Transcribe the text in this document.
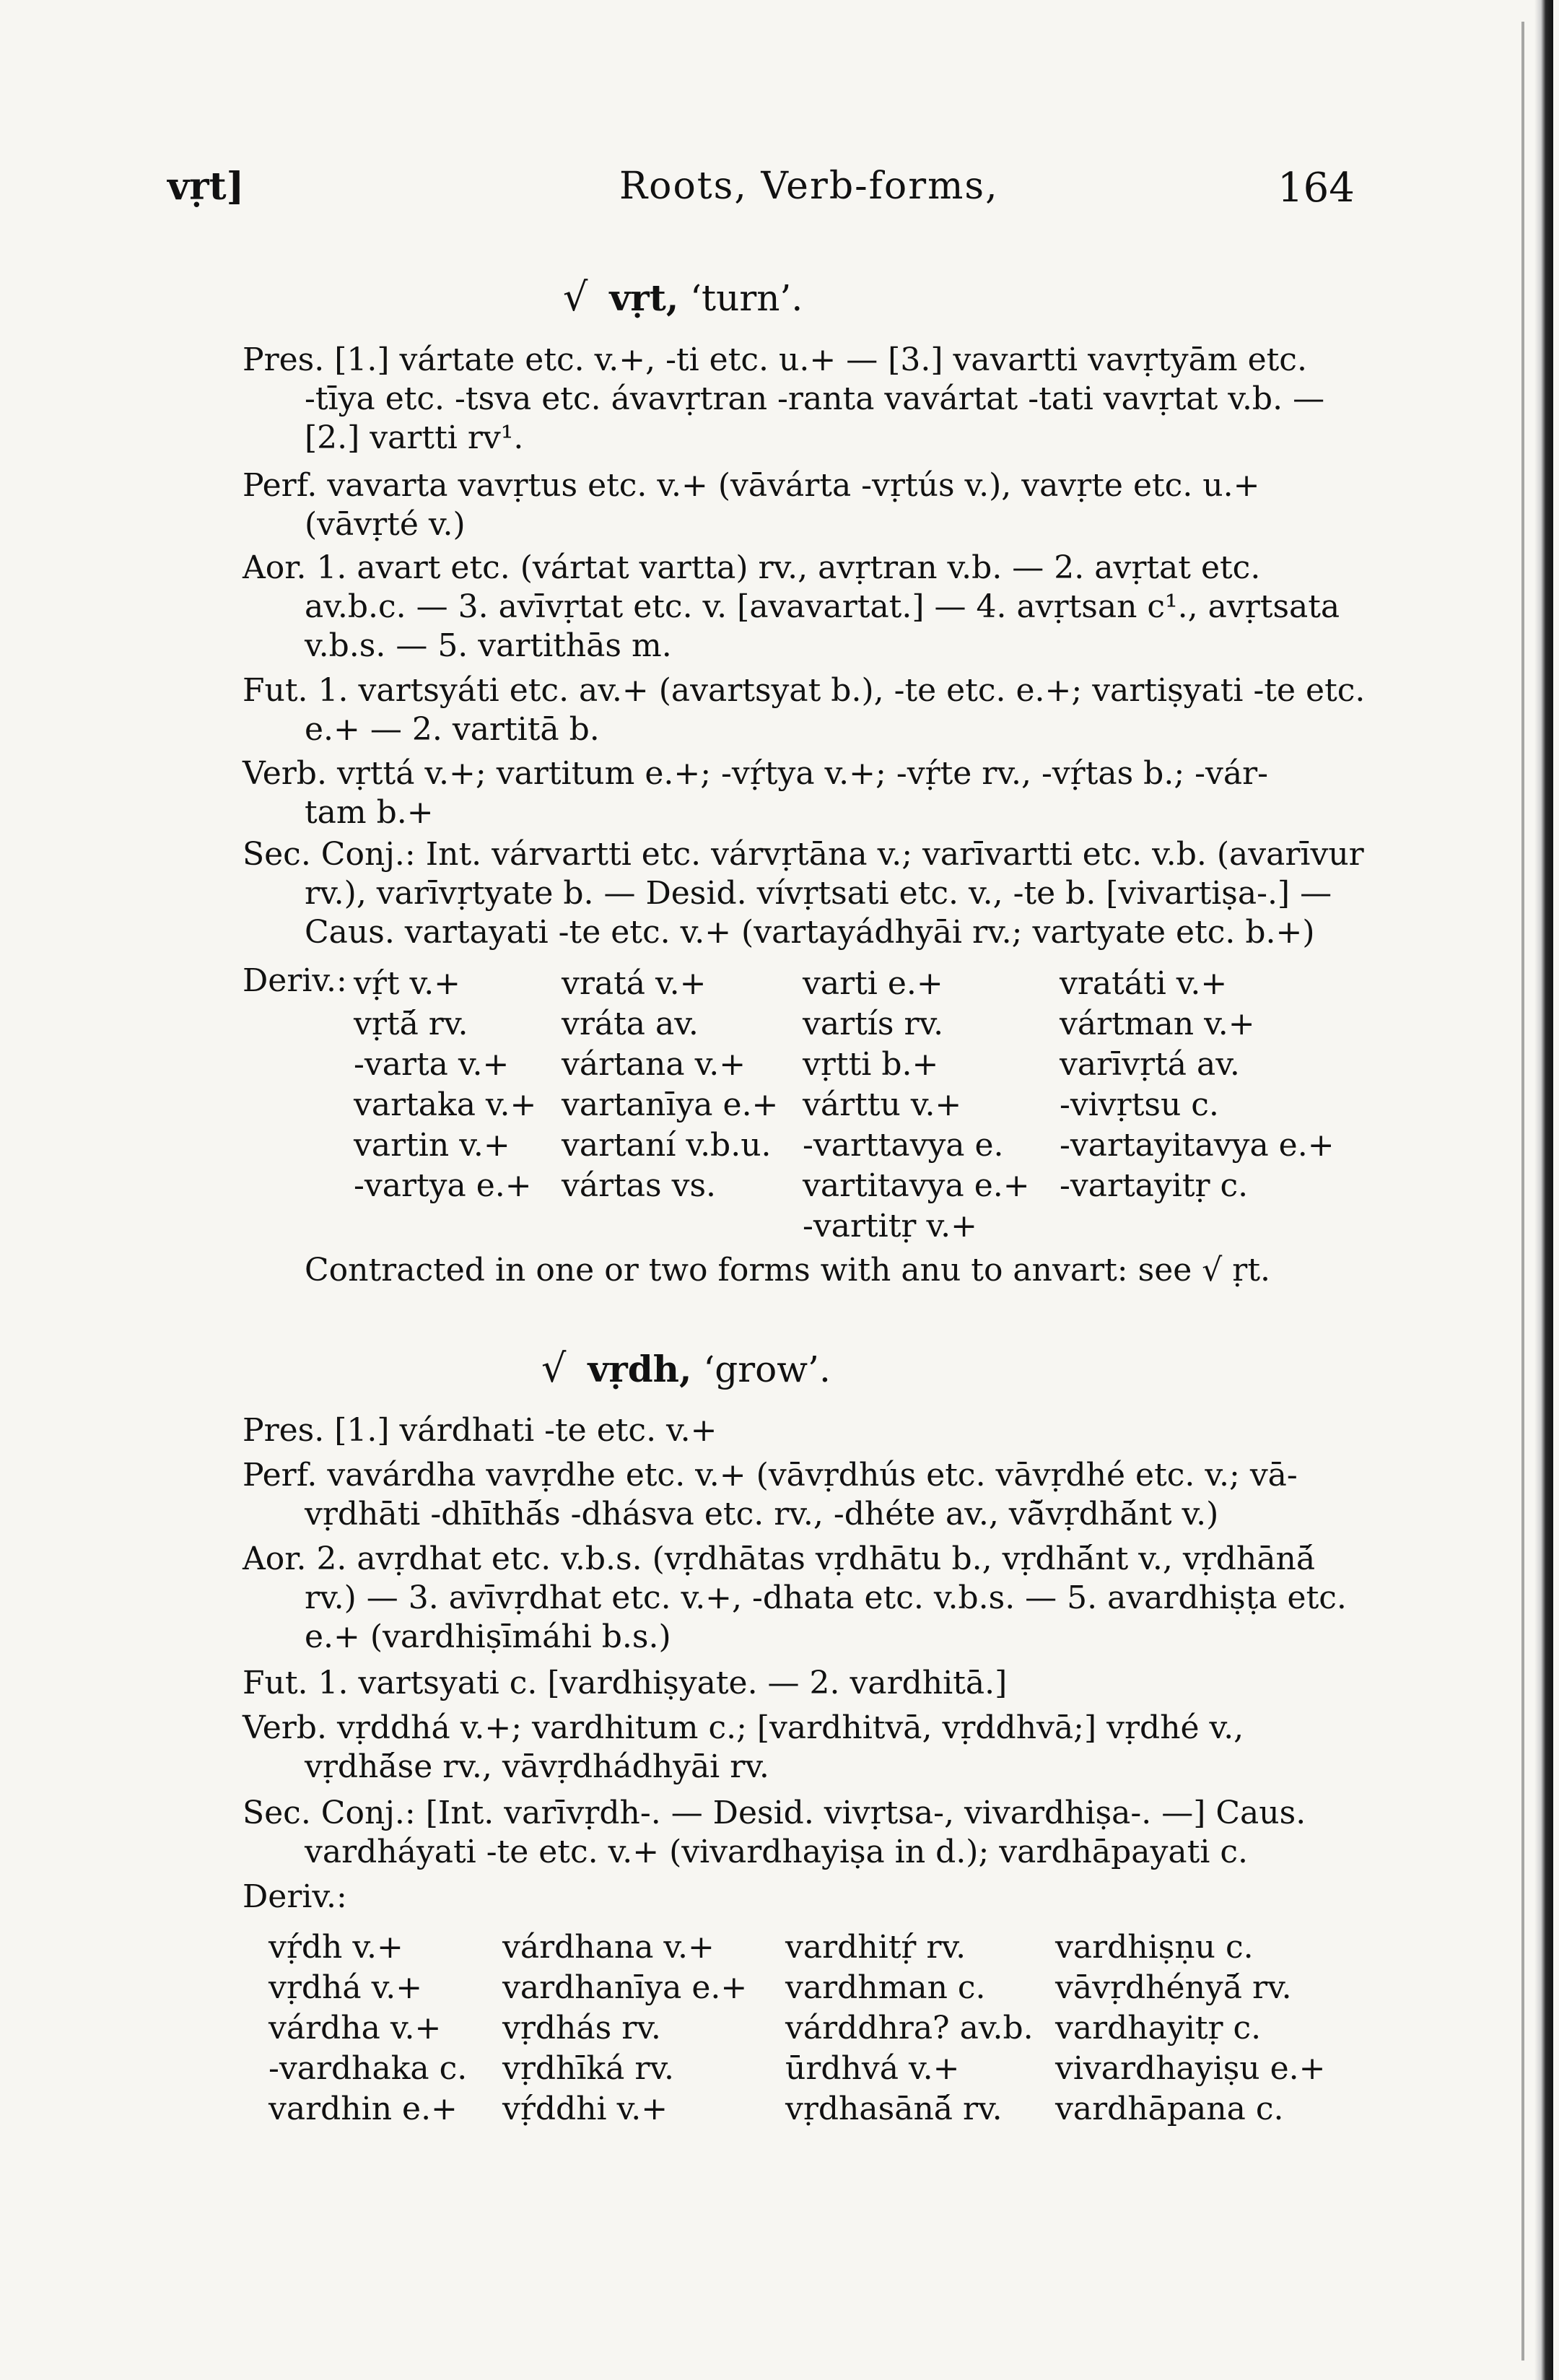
vṛt]	Roots, Verb-forms,	164
√ vṛt, ‘turn’.
Pres. [1.] vártate etc. v.+, -ti etc. u.+ — [3.] vavartti vavṛtyām etc.
-tīya etc. -tsva etc. ávavṛtran -ranta vavártat -tati vavṛtat v.b. —
[2.] vartti rv¹.
Perf. vavarta vavṛtus etc. v.+ (vāvárta -vṛtús v.), vavṛte etc. u.+
(vāvṛté v.)
Aor. 1. avart etc. (vártat vartta) rv., avṛtran v.b. — 2. avṛtat etc.
av.b.c. — 3. avīvṛtat etc. v. [avavartat.] — 4. avṛtsan c¹., avṛtsata
v.b.s. — 5. vartithās m.
Fut. 1. vartsyáti etc. av.+ (avartsyat b.), -te etc. e.+; vartiṣyati -te etc.
e.+ — 2. vartitā b.
Verb. vṛttá v.+; vartitum e.+; -vṛ́tya v.+; -vṛ́te rv., -vṛ́tas b.; -vár-
tam b.+
Sec. Conj.: Int. várvartti etc. várvṛtāna v.; varīvartti etc. v.b. (avarīvur
rv.), varīvṛtyate b. — Desid. vívṛtsati etc. v., -te b. [vivartiṣa-.] —
Caus. vartayati -te etc. v.+ (vartayádhyāi rv.; vartyate etc. b.+)
Deriv.: vṛ́t v.+
vṛtā́ rv.
-varta v.+
vartaka v.+
vartin v.+
-vartya e.+
vratá v.+
vráta av.
vártana v.+
vartanīya e.+
vartaní v.b.u.
vártas vs.
varti e.+
vartís rv.
vṛtti b.+
várttu v.+
-varttavya e.
vartitavya e.+
-vartitṛ v.+
vratáti v.+
vártman v.+
varīvṛtá av.
-vivṛtsu c.
-vartayitavya e.+
-vartayitṛ c.
Contracted in one or two forms with anu to anvart: see √ ṛt.
√ vṛdh, ‘grow’.
Pres. [1.] várdhati -te etc. v.+
Perf. vavárdha vavṛdhe etc. v.+ (vāvṛdhús etc. vāvṛdhé etc. v.; vā-
vṛdhāti -dhīthā́s -dhásva etc. rv., -dhéte av., vā̆vṛdhā́nt v.)
Aor. 2. avṛdhat etc. v.b.s. (vṛdhātas vṛdhātu b., vṛdhā́nt v., vṛdhānā́
rv.) — 3. avīvṛdhat etc. v.+, -dhata etc. v.b.s. — 5. avardhiṣṭa etc.
e.+ (vardhiṣīmáhi b.s.)
Fut. 1. vartsyati c. [vardhiṣyate. — 2. vardhitā.]
Verb. vṛddhá v.+; vardhitum c.; [vardhitvā, vṛddhvā;] vṛdhé v.,
vṛdhā́se rv., vāvṛdhádhyāi rv.
Sec. Conj.: [Int. varīvṛdh-. — Desid. vivṛtsa-, vivardhiṣa-. —] Caus.
vardháyati -te etc. v.+ (vivardhayiṣa in d.); vardhāpayati c.
Deriv.:
vṛ́dh v.+
vṛdhá v.+
várdha v.+
-vardhaka c.
vardhin e.+
várdhana v.+
vardhanīya e.+
vṛdhás rv.
vṛdhīká rv.
vṛ́ddhi v.+
vardhitṛ́ rv.
vardhman c.
várddhra? av.b.
ūrdhvá v.+
vṛdhasānā́ rv.
vardhiṣṇu c.
vāvṛdhényā́ rv.
vardhayitṛ c.
vivardhayiṣu e.+
vardhāpana c.
